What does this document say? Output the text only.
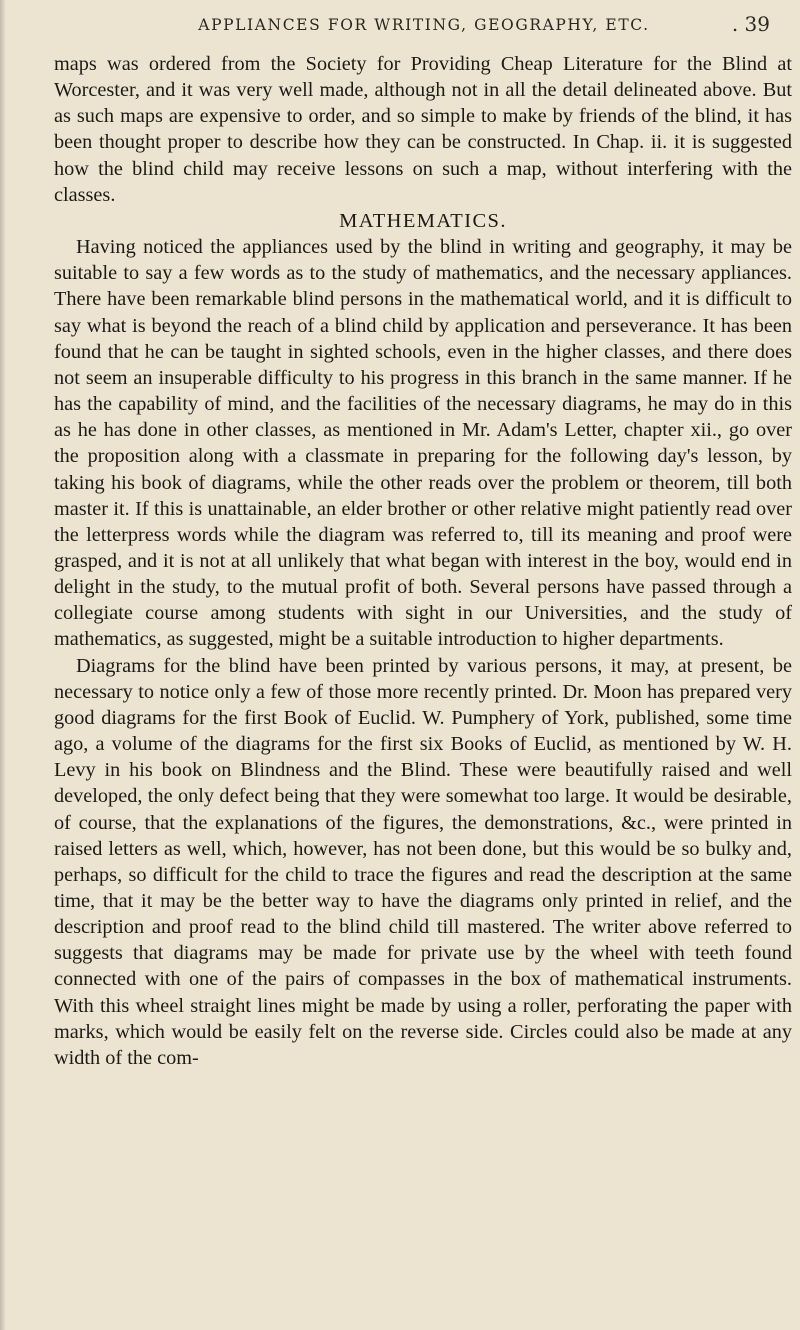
APPLIANCES FOR WRITING, GEOGRAPHY, ETC.	. 39

maps was ordered from the Society for Providing Cheap Literature for the Blind at Worcester, and it was very well made, although not in all the detail delineated above. But as such maps are expensive to order, and so simple to make by friends of the blind, it has been thought proper to describe how they can be constructed. In Chap. ii. it is suggested how the blind child may receive lessons on such a map, without interfering with the classes.

MATHEMATICS.

Having noticed the appliances used by the blind in writing and geography, it may be suitable to say a few words as to the study of mathematics, and the necessary appliances. There have been remarkable blind persons in the mathematical world, and it is difficult to say what is beyond the reach of a blind child by application and perseverance. It has been found that he can be taught in sighted schools, even in the higher classes, and there does not seem an insuperable difficulty to his progress in this branch in the same manner. If he has the capability of mind, and the facilities of the necessary diagrams, he may do in this as he has done in other classes, as mentioned in Mr. Adam's Letter, chapter xii., go over the proposition along with a classmate in preparing for the following day's lesson, by taking his book of diagrams, while the other reads over the problem or theorem, till both master it. If this is unattainable, an elder brother or other relative might patiently read over the letterpress words while the diagram was referred to, till its meaning and proof were grasped, and it is not at all unlikely that what began with interest in the boy, would end in delight in the study, to the mutual profit of both. Several persons have passed through a collegiate course among students with sight in our Universities, and the study of mathematics, as suggested, might be a suitable introduction to higher departments.

Diagrams for the blind have been printed by various persons, it may, at present, be necessary to notice only a few of those more recently printed. Dr. Moon has prepared very good diagrams for the first Book of Euclid. W. Pumphery of York, published, some time ago, a volume of the diagrams for the first six Books of Euclid, as mentioned by W. H. Levy in his book on Blindness and the Blind. These were beautifully raised and well developed, the only defect being that they were somewhat too large. It would be desirable, of course, that the explanations of the figures, the demonstrations, &c., were printed in raised letters as well, which, however, has not been done, but this would be so bulky and, perhaps, so difficult for the child to trace the figures and read the description at the same time, that it may be the better way to have the diagrams only printed in relief, and the description and proof read to the blind child till mastered. The writer above referred to suggests that diagrams may be made for private use by the wheel with teeth found connected with one of the pairs of compasses in the box of mathematical instruments. With this wheel straight lines might be made by using a roller, perforating the paper with marks, which would be easily felt on the reverse side. Circles could also be made at any width of the com-
